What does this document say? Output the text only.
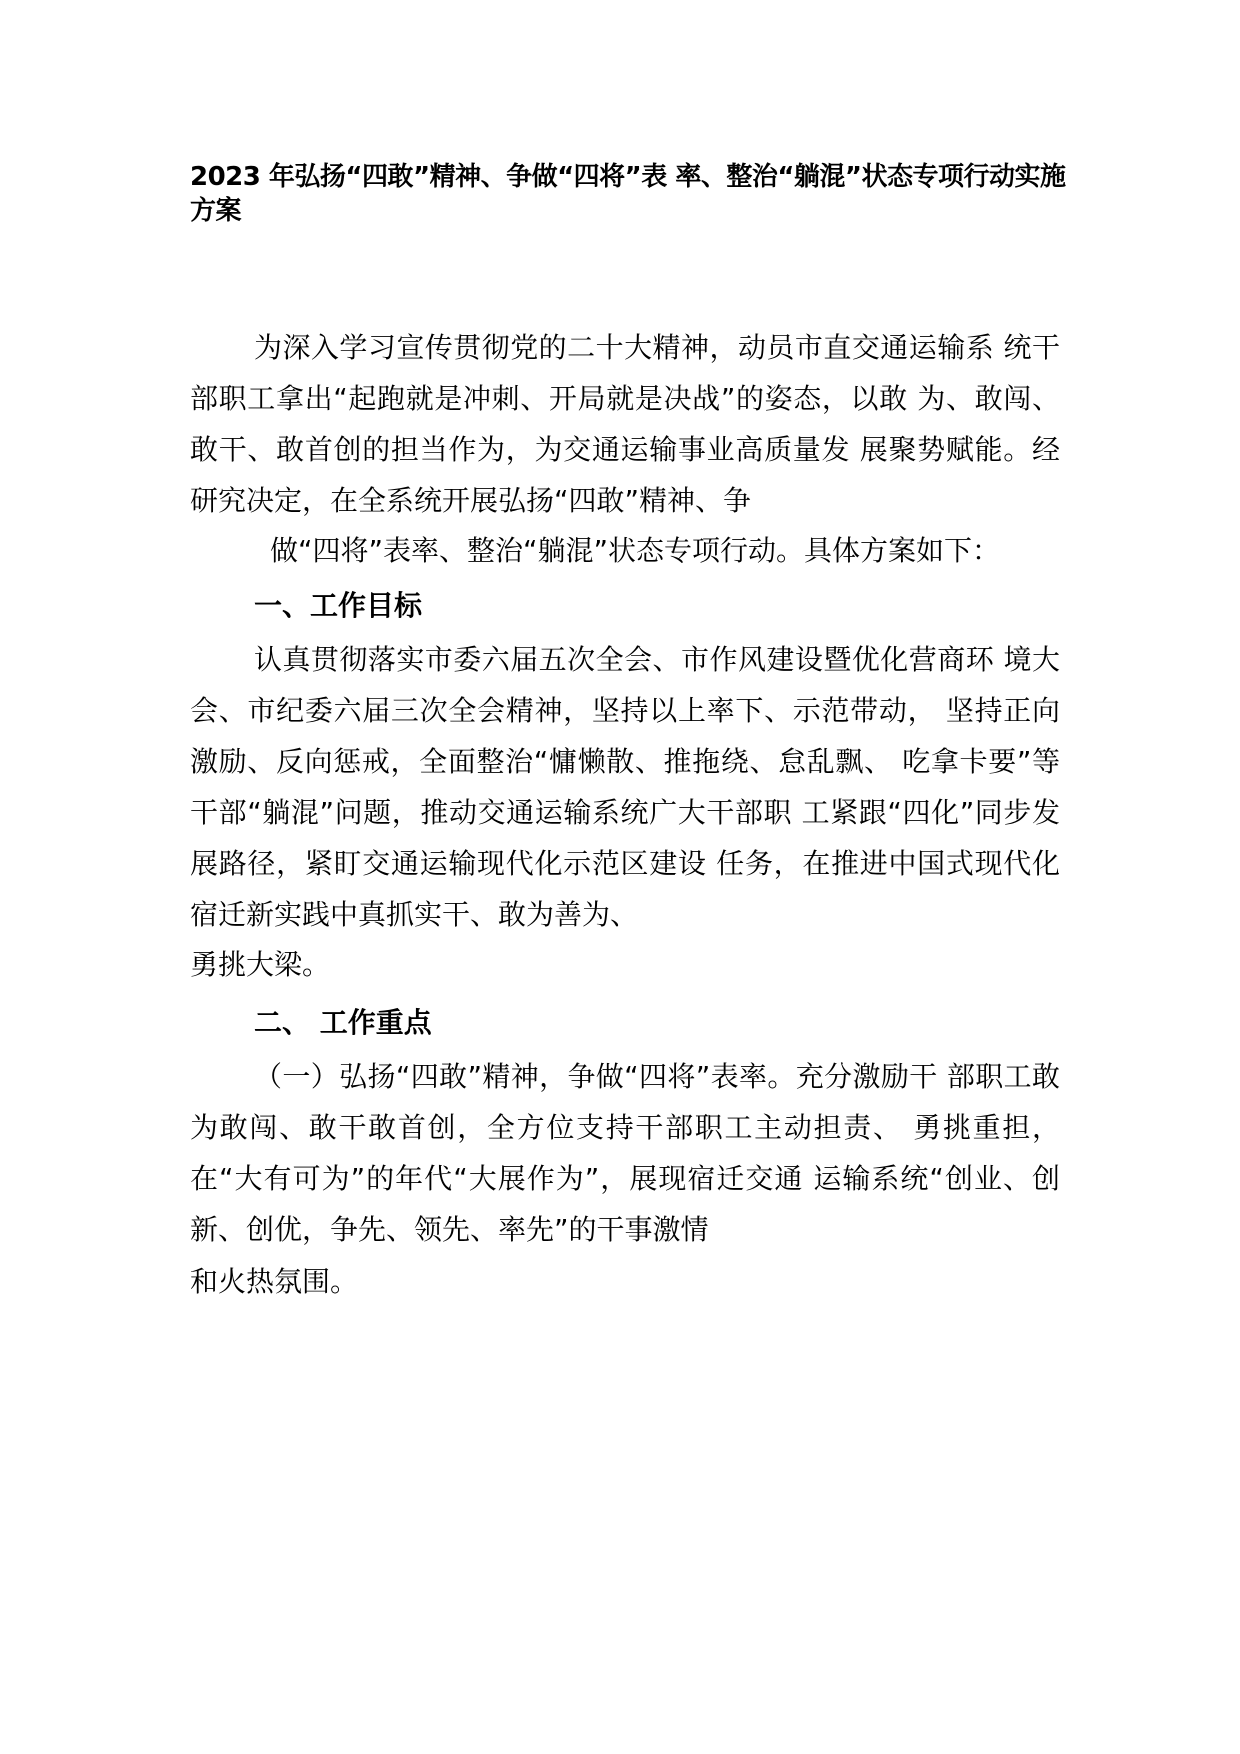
2023 年弘扬“四敢”精神、争做“四将”表 率、整治“躺混”状态专项行动实施方案
为深入学习宣传贯彻党的二十大精神，动员市直交通运输系 统干部职工拿出“起跑就是冲刺、开局就是决战”的姿态，以敢 为、敢闯、敢干、敢首创的担当作为，为交通运输事业高质量发 展聚势赋能。经研究决定，在全系统开展弘扬“四敢”精神、争
做“四将”表率、整治“躺混”状态专项行动。具体方案如下：
一、工作目标
认真贯彻落实市委六届五次全会、市作风建设暨优化营商环 境大会、市纪委六届三次全会精神，坚持以上率下、示范带动， 坚持正向激励、反向惩戒，全面整治“慵懒散、推拖绕、怠乱飘、 吃拿卡要”等干部“躺混”问题，推动交通运输系统广大干部职 工紧跟“四化”同步发展路径，紧盯交通运输现代化示范区建设 任务，在推进中国式现代化宿迁新实践中真抓实干、敢为善为、
勇挑大梁。
二、 工作重点
（一）弘扬“四敢”精神，争做“四将”表率。充分激励干 部职工敢为敢闯、敢干敢首创，全方位支持干部职工主动担责、 勇挑重担，在“大有可为”的年代“大展作为”，展现宿迁交通 运输系统“创业、创新、创优，争先、领先、率先”的干事激情
和火热氛围。
